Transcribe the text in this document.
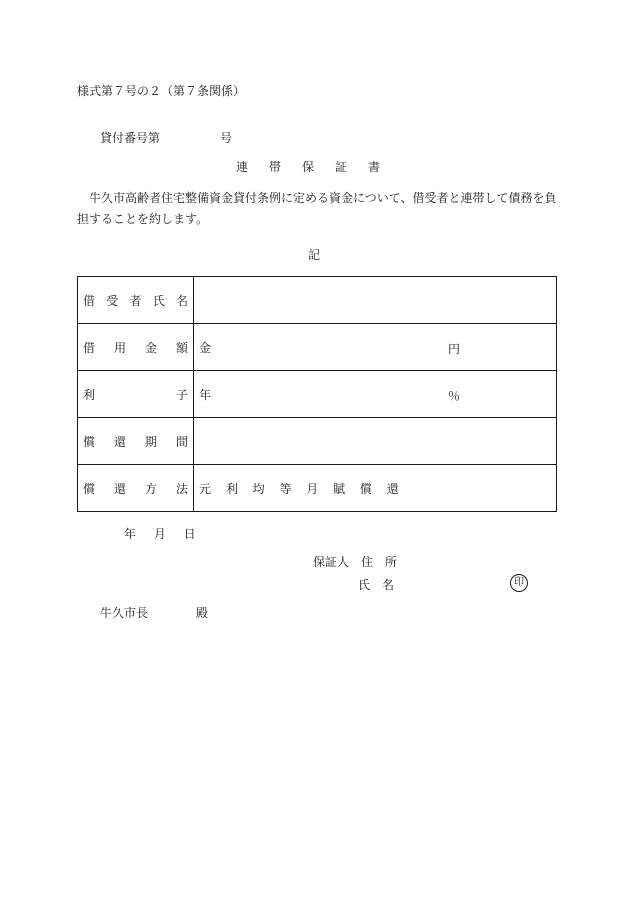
様式第７号の２（第７条関係）
貸付番号第	号
連帯保証書
牛久市高齢者住宅整備資金貸付条例に定める資金について、借受者と連帯して債務を負担することを約します。
記
借受者氏名	
借用金額	金 円

利子	年 ％

償還期間	
償還方法	元 利 均 等 月 賦 償 還
年 月 日
保証人　住　所
氏　名	印
牛久市長　　　　殿
